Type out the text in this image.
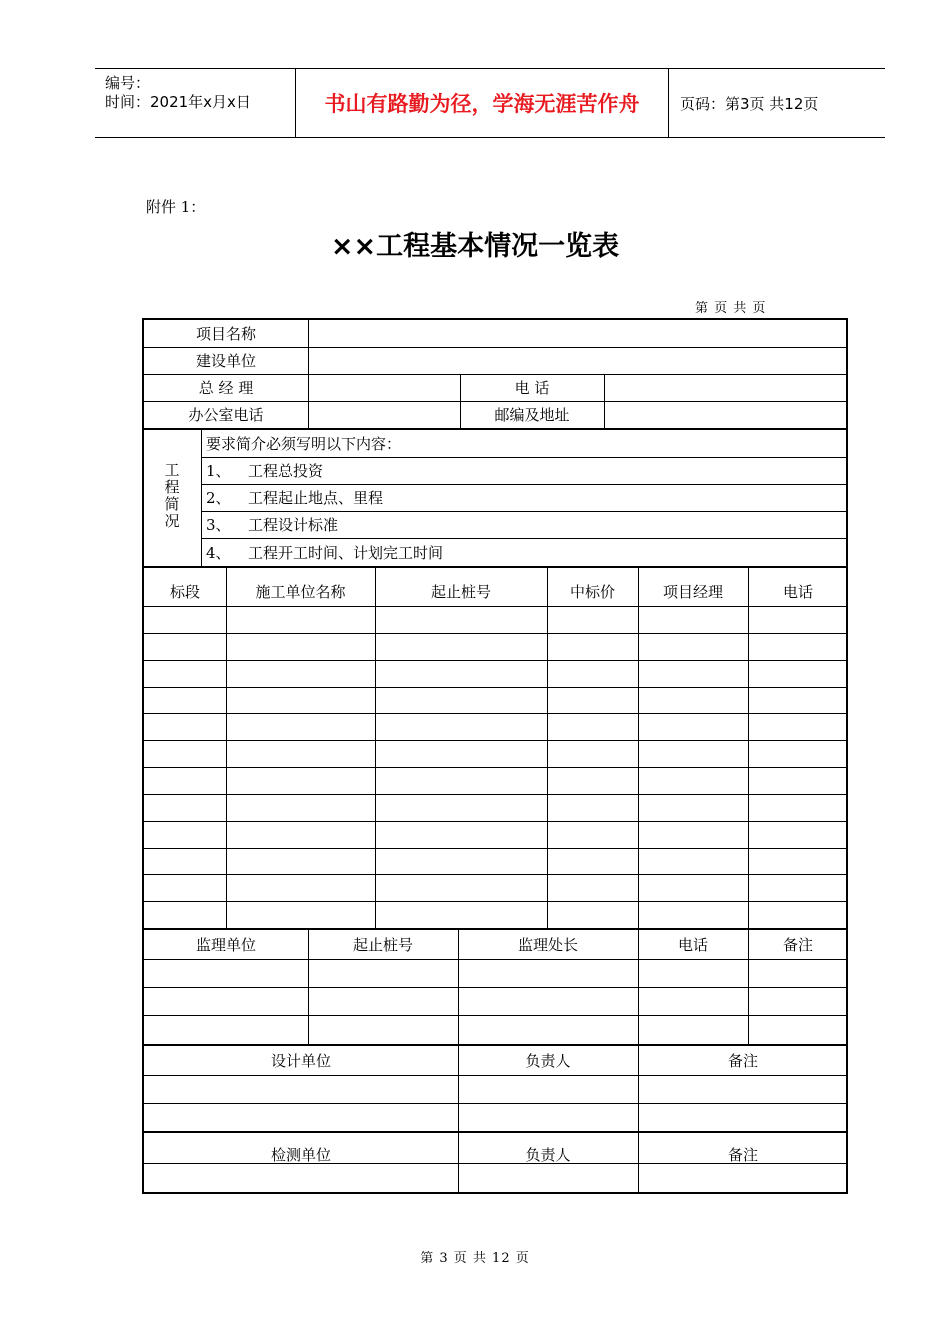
编号：
时间：2021年x月x日	书山有路勤为径，学海无涯苦作舟	页码：第3页 共12页
附件 1：
××工程基本情况一览表
第 页 共 页
项目名称
建设单位
总 经 理	电 话
办公室电话	邮编及地址
工程简况
要求简介必须写明以下内容：
1、	工程总投资
2、	工程起止地点、里程
3、	工程设计标准
4、	工程开工时间、计划完工时间
标段	施工单位名称	起止桩号	中标价	项目经理	电话
监理单位	起止桩号	监理处长	电话	备注
设计单位	负责人	备注
检测单位	负责人	备注
第 3 页 共 12 页
